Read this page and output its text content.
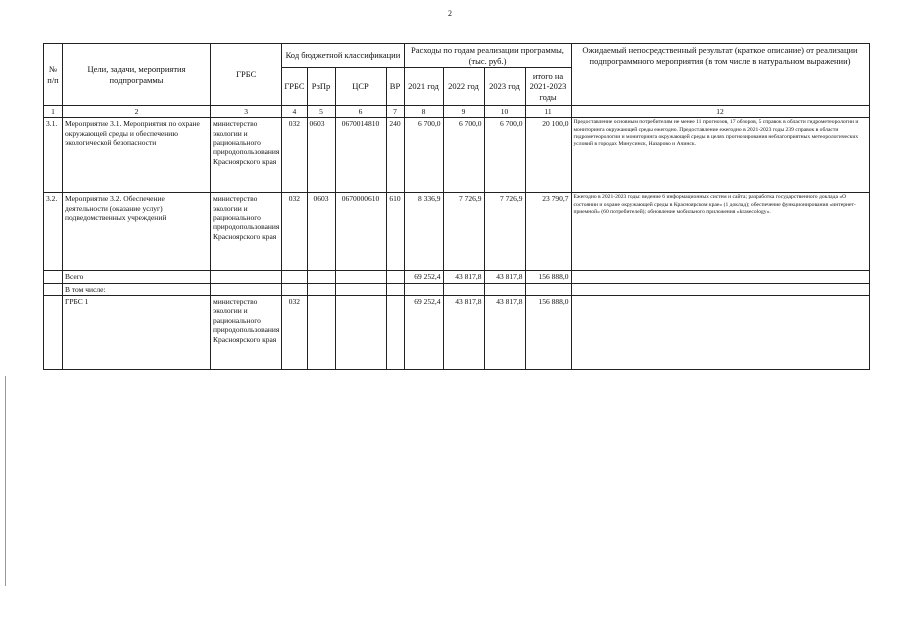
2
№ п/п	Цели, задачи, мероприятия подпрограммы	ГРБС	Код бюджетной классификации				Расходы по годам реализации программы, (тыс. руб.)				Ожидаемый непосредственный результат (краткое описание) от реализации подпрограммного мероприятия (в том числе в натуральном выражении)
			ГРБС	РзПр	ЦСР	ВР	2021 год	2022 год	2023 год	итого на 2021-2023 годы	
1	2	3	4	5	6	7	8	9	10	11	12
3.1.	Мероприятие 3.1. Мероприятия по охране окружающей среды и обеспечению экологической безопасности	министерство экологии и рационального природопользования Красноярского края	032	0603	0670014810	240	6 700,0	6 700,0	6 700,0	20 100,0	Предоставление основным потребителям не менее 11 прогнозов, 17 обзоров, 5 справок в области гидрометеорологии и мониторинга окружающей среды ежегодно. Предоставление ежегодно в 2021-2023 годы 239 справок в области гидрометеорологии и мониторинга окружающей среды в целях прогнозирования неблагоприятных метеорологических условий в городах Минусинск, Назарово и Ачинск.
3.2.	Мероприятие 3.2. Обеспечение деятельности (оказание услуг) подведомственных учреждений	министерство экологии и рационального природопользования Красноярского края	032	0603	0670000610	610	8 336,9	7 726,9	7 726,9	23 790,7	Ежегодно в 2021-2023 годы: ведение 6 информационных систем и сайта; разработка государственного доклада «О состоянии и охране окружающей среды в Красноярском крае» (1 доклад); обеспечение функционирования «интернет-приемной» (60 потребителей); обновление мобильного приложения «kraseсology».
	Всего						69 252,4	43 817,8	43 817,8	156 888,0	
	В том числе:										
	ГРБС 1	министерство экологии и рационального природопользования Красноярского края	032				69 252,4	43 817,8	43 817,8	156 888,0	
